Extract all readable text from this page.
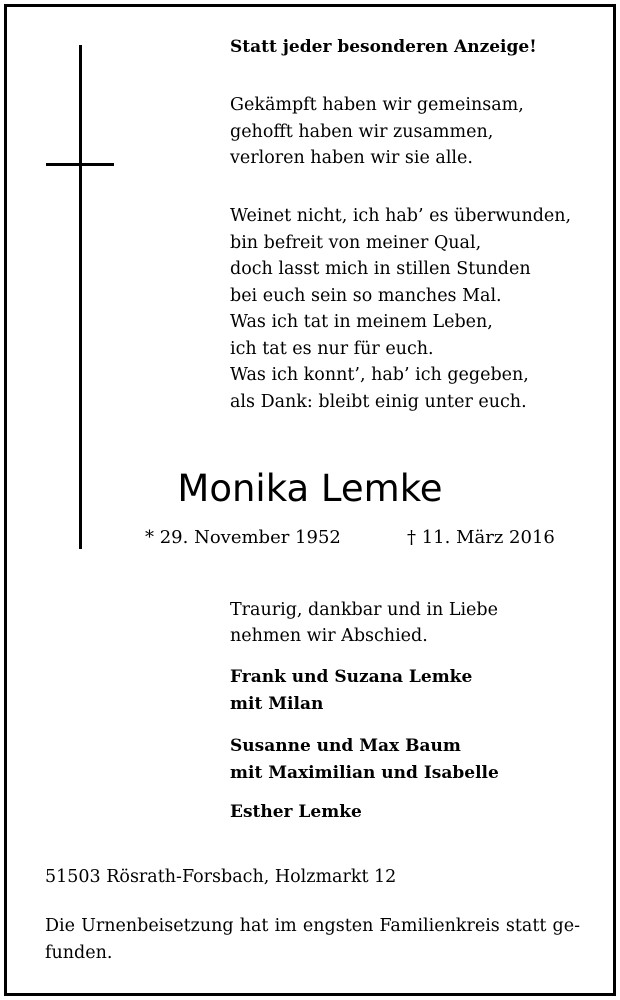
Statt jeder besonderen Anzeige!
Gekämpft haben wir gemeinsam,
gehofft haben wir zusammen,
verloren haben wir sie alle.
Weinet nicht, ich hab’ es überwunden,
bin befreit von meiner Qual,
doch lasst mich in stillen Stunden
bei euch sein so manches Mal.
Was ich tat in meinem Leben,
ich tat es nur für euch.
Was ich konnt’, hab’ ich gegeben,
als Dank: bleibt einig unter euch.
Monika Lemke
* 29. November 1952	† 11. März 2016
Traurig, dankbar und in Liebe
nehmen wir Abschied.
Frank und Suzana Lemke
mit Milan
Susanne und Max Baum
mit Maximilian und Isabelle
Esther Lemke
51503 Rösrath-Forsbach, Holzmarkt 12
Die Urnenbeisetzung hat im engsten Familienkreis statt ge-
funden.
